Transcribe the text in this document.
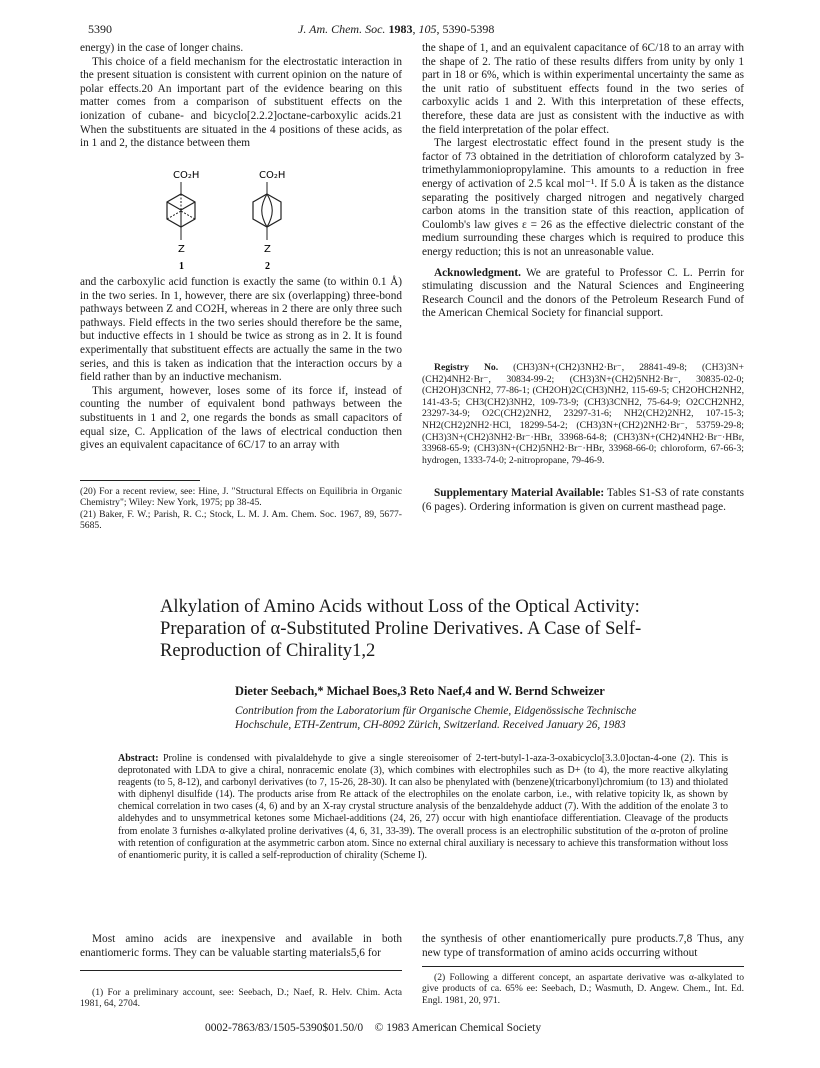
5390	J. Am. Chem. Soc. 1983, 105, 5390-5398

energy) in the case of longer chains.

This choice of a field mechanism for the electrostatic interaction in the present situation is consistent with current opinion on the nature of polar effects.20 An important part of the evidence bearing on this matter comes from a comparison of substituent effects on the ionization of cubane- and bicyclo[2.2.2]octane-carboxylic acids.21 When the substituents are situated in the 4 positions of these acids, as in 1 and 2, the distance between them

CO₂H
Z
1
CO₂H
Z
2

and the carboxylic acid function is exactly the same (to within 0.1 Å) in the two series. In 1, however, there are six (overlapping) three-bond pathways between Z and CO2H, whereas in 2 there are only three such pathways. Field effects in the two series should therefore be the same, but inductive effects in 1 should be twice as strong as in 2. It is found experimentally that substituent effects are actually the same in the two series, and this is taken as indication that the interaction occurs by a field rather than by an inductive mechanism.

This argument, however, loses some of its force if, instead of counting the number of equivalent bond pathways between the substituents in 1 and 2, one regards the bonds as small capacitors of equal size, C. Application of the laws of electrical conduction then gives an equivalent capacitance of 6C/17 to an array with

(20) For a recent review, see: Hine, J. "Structural Effects on Equilibria in Organic Chemistry"; Wiley: New York, 1975; pp 38-45.

(21) Baker, F. W.; Parish, R. C.; Stock, L. M. J. Am. Chem. Soc. 1967, 89, 5677-5685.

the shape of 1, and an equivalent capacitance of 6C/18 to an array with the shape of 2. The ratio of these results differs from unity by only 1 part in 18 or 6%, which is within experimental uncertainty the same as the unit ratio of substituent effects found in the two series of carboxylic acids 1 and 2. With this interpretation of these effects, therefore, these data are just as consistent with the inductive as with the field interpretation of the polar effect.

The largest electrostatic effect found in the present study is the factor of 73 obtained in the detritiation of chloroform catalyzed by 3-trimethylammoniopropylamine. This amounts to a reduction in free energy of activation of 2.5 kcal mol⁻¹. If 5.0 Å is taken as the distance separating the positively charged nitrogen and negatively charged carbon atoms in the transition state of this reaction, application of Coulomb's law gives ε = 26 as the effective dielectric constant of the medium surrounding these charges which is required to produce this energy reduction; this is not an unreasonable value.

Acknowledgment. We are grateful to Professor C. L. Perrin for stimulating discussion and the Natural Sciences and Engineering Research Council and the donors of the Petroleum Research Fund of the American Chemical Society for financial support.

Registry No. (CH3)3N+(CH2)3NH2·Br⁻, 28841-49-8; (CH3)3N+(CH2)4NH2·Br⁻, 30834-99-2; (CH3)3N+(CH2)5NH2·Br⁻, 30835-02-0; (CH2OH)3CNH2, 77-86-1; (CH2OH)2C(CH3)NH2, 115-69-5; CH2OHCH2NH2, 141-43-5; CH3(CH2)3NH2, 109-73-9; (CH3)3CNH2, 75-64-9; O2CCH2NH2, 23297-34-9; O2C(CH2)2NH2, 23297-31-6; NH2(CH2)2NH2, 107-15-3; NH2(CH2)2NH2·HCl, 18299-54-2; (CH3)3N+(CH2)2NH2·Br⁻, 53759-29-8; (CH3)3N+(CH2)3NH2·Br⁻·HBr, 33968-64-8; (CH3)3N+(CH2)4NH2·Br⁻·HBr, 33968-65-9; (CH3)3N+(CH2)5NH2·Br⁻·HBr, 33968-66-0; chloroform, 67-66-3; hydrogen, 1333-74-0; 2-nitropropane, 79-46-9.

Supplementary Material Available: Tables S1-S3 of rate constants (6 pages). Ordering information is given on current masthead page.

Alkylation of Amino Acids without Loss of the Optical Activity: Preparation of α-Substituted Proline Derivatives. A Case of Self-Reproduction of Chirality1,2
Dieter Seebach,* Michael Boes,3 Reto Naef,4 and W. Bernd Schweizer
Contribution from the Laboratorium für Organische Chemie, Eidgenössische Technische Hochschule, ETH-Zentrum, CH-8092 Zürich, Switzerland. Received January 26, 1983

Abstract: Proline is condensed with pivalaldehyde to give a single stereoisomer of 2-tert-butyl-1-aza-3-oxabicyclo[3.3.0]octan-4-one (2). This is deprotonated with LDA to give a chiral, nonracemic enolate (3), which combines with electrophiles such as D+ (to 4), the more reactive alkylating reagents (to 5, 8-12), and carbonyl derivatives (to 7, 15-26, 28-30). It can also be phenylated with (benzene)(tricarbonyl)chromium (to 13) and thiolated with diphenyl disulfide (14). The products arise from Re attack of the electrophiles on the enolate carbon, i.e., with relative topicity lk, as shown by chemical correlation in two cases (4, 6) and by an X-ray crystal structure analysis of the benzaldehyde adduct (7). With the addition of the enolate 3 to aldehydes and to unsymmetrical ketones some Michael-additions (24, 26, 27) occur with high enantioface differentiation. Cleavage of the products from enolate 3 furnishes α-alkylated proline derivatives (4, 6, 31, 33-39). The overall process is an electrophilic substitution of the α-proton of proline with retention of configuration at the asymmetric carbon atom. Since no external chiral auxiliary is necessary to achieve this transformation without loss of enantiomeric purity, it is called a self-reproduction of chirality (Scheme I).

Most amino acids are inexpensive and available in both enantiomeric forms. They can be valuable starting materials5,6 for

the synthesis of other enantiomerically pure products.7,8 Thus, any new type of transformation of amino acids occurring without

(1) For a preliminary account, see: Seebach, D.; Naef, R. Helv. Chim. Acta 1981, 64, 2704.

(2) Following a different concept, an aspartate derivative was α-alkylated to give products of ca. 65% ee: Seebach, D.; Wasmuth, D. Angew. Chem., Int. Ed. Engl. 1981, 20, 971.

0002-7863/83/1505-5390$01.50/0 © 1983 American Chemical Society
